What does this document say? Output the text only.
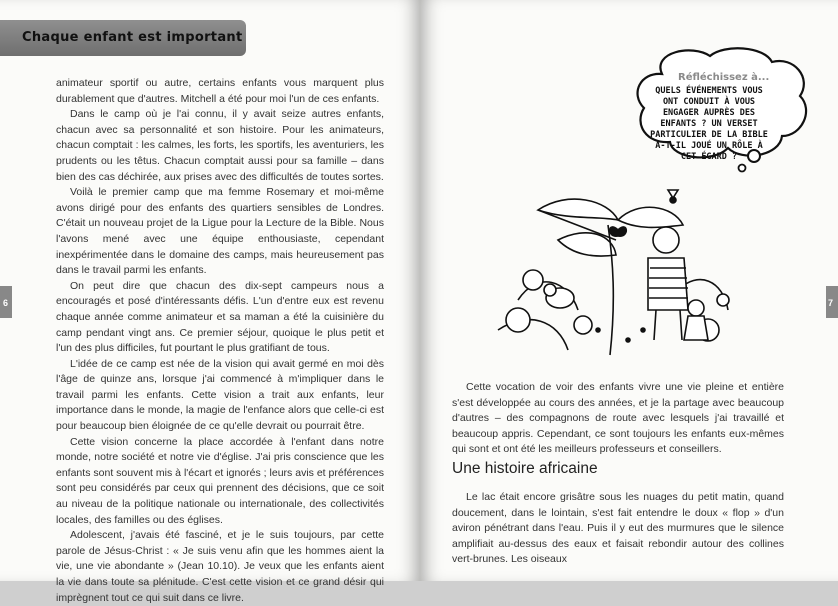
Chaque enfant est important

animateur sportif ou autre, certains enfants vous marquent plus durablement que d'autres. Mitchell a été pour moi l'un de ces enfants.

Dans le camp où je l'ai connu, il y avait seize autres enfants, chacun avec sa personnalité et son histoire. Pour les animateurs, chacun comptait : les calmes, les forts, les sportifs, les aventuriers, les prudents ou les têtus. Chacun comptait aussi pour sa famille – dans bien des cas déchirée, aux prises avec des difficultés de toutes sortes.

Voilà le premier camp que ma femme Rosemary et moi-même avons dirigé pour des enfants des quartiers sensibles de Londres. C'était un nouveau projet de la Ligue pour la Lecture de la Bible. Nous l'avons mené avec une équipe enthousiaste, cependant inexpérimentée dans le domaine des camps, mais heureusement pas dans le travail parmi les enfants.

On peut dire que chacun des dix-sept campeurs nous a encouragés et posé d'intéressants défis. L'un d'entre eux est revenu chaque année comme animateur et sa maman a été la cuisinière du camp pendant vingt ans. Ce premier séjour, quoique le plus petit et l'un des plus difficiles, fut pourtant le plus gratifiant de tous.

L'idée de ce camp est née de la vision qui avait germé en moi dès l'âge de quinze ans, lorsque j'ai commencé à m'impliquer dans le travail parmi les enfants. Cette vision a trait aux enfants, leur importance dans le monde, la magie de l'enfance alors que celle-ci est pour beaucoup bien éloignée de ce qu'elle devrait ou pourrait être.

Cette vision concerne la place accordée à l'enfant dans notre monde, notre société et notre vie d'église. J'ai pris conscience que les enfants sont souvent mis à l'écart et ignorés ; leurs avis et préférences sont peu considérés par ceux qui prennent des décisions, que ce soit au niveau de la politique nationale ou internationale, des collectivités locales, des familles ou des églises.

Adolescent, j'avais été fasciné, et je le suis toujours, par cette parole de Jésus-Christ : « Je suis venu afin que les hommes aient la vie, une vie abondante » (Jean 10.10). Je veux que les enfants aient la vie dans toute sa plénitude. C'est cette vision et ce grand désir qui imprègnent tout ce qui suit dans ce livre.

6	7
Réfléchissez à...
QUELS ÉVÉNEMENTS VOUS ONT CONDUIT À VOUS ENGAGER AUPRÈS DES ENFANTS ? UN VERSET PARTICULIER DE LA BIBLE A-T-IL JOUÉ UN RÔLE À CET ÉGARD ?

Cette vocation de voir des enfants vivre une vie pleine et entière s'est développée au cours des années, et je la partage avec beaucoup d'autres – des compagnons de route avec lesquels j'ai travaillé et beaucoup appris. Cependant, ce sont toujours les enfants eux-mêmes qui sont et ont été les meilleurs professeurs et conseillers.

Une histoire africaine

Le lac était encore grisâtre sous les nuages du petit matin, quand doucement, dans le lointain, s'est fait entendre le doux « flop » d'un aviron pénétrant dans l'eau. Puis il y eut des murmures que le silence amplifiait au-dessus des eaux et faisait rebondir autour des collines vert-brunes. Les oiseaux
